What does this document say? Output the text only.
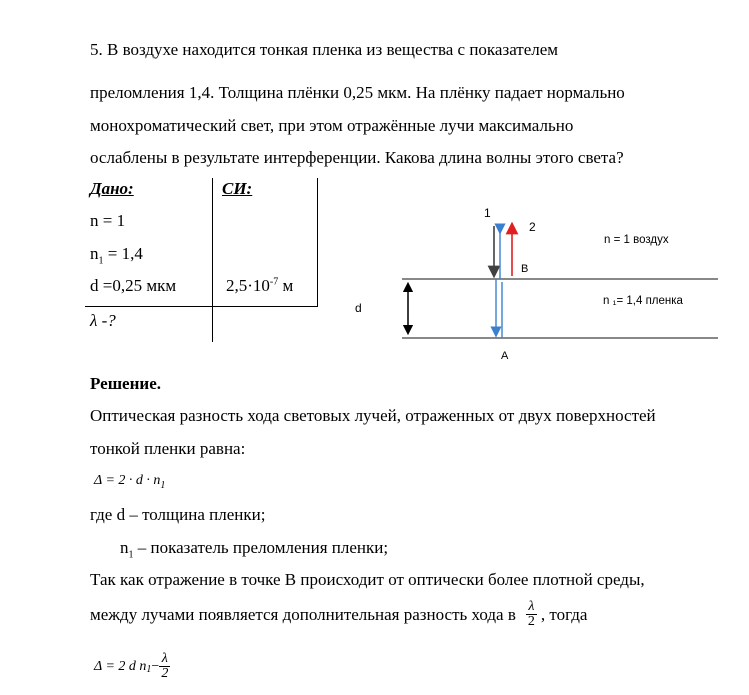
5. В воздухе находится тонкая пленка из вещества с показателем
преломления 1,4. Толщина плёнки 0,25 мкм. На плёнку падает нормально
монохроматический свет, при этом отражённые лучи максимально
ослаблены в результате интерференции. Какова длина волны этого света?
Дано:	СИ:
n = 1
$n_1 = 1,4$
d =0,25 мкм	$2,5\cdot 10^{-7}$ м
λ -?
1
2
B
A
d
n = 1 воздух
n ₁= 1,4 пленка
Решение.
Оптическая разность хода световых лучей, отраженных от двух поверхностей
тонкой пленки равна:
$\Delta = 2 \cdot d \cdot n_1$
где d – толщина пленки;
$n_1$ – показатель преломления пленки;
Так как отражение в точке В происходит от оптически более плотной среды,
между лучами появляется дополнительная разность хода в $\frac{\lambda}{2}$ , тогда
Δ = 2 d $n_1 - \frac{\lambda}{2}$
